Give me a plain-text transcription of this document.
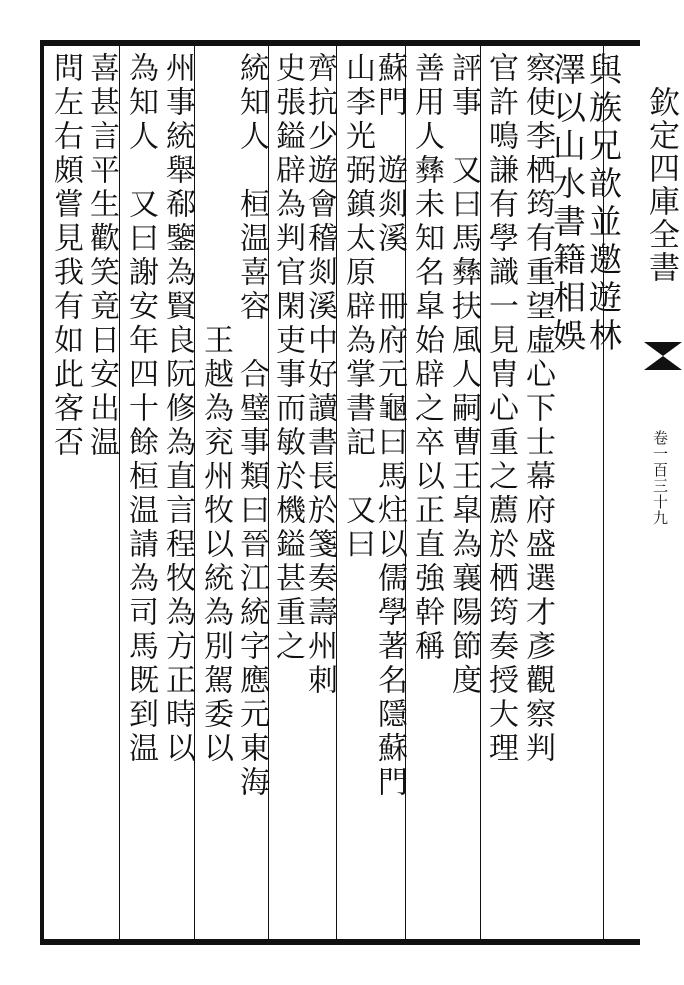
欽定四庫全書
卷一百三十九
與族兄歆並邀遊林
澤以山水書籍相娛
察使李栖筠有重望虛心下士幕府盛選才彥觀察判
官許鳴謙有學識一見胄心重之薦於栖筠奏授大理
評事　又曰馬彝扶風人嗣曹王皐為襄陽節度
善用人彝未知名皐始辟之卒以正直強幹稱
蘇門　遊剡溪　冊府元龜曰馬炷以儒學著名隱蘇門
山李光弼鎮太原辟為掌書記　又曰
齊抗少遊會稽剡溪中好讀書長於箋奏壽州刺
史張鎰辟為判官閑吏事而敏於機鎰甚重之
統知人　桓温喜容　合璧事類曰晉江統字應元東海
　　　　　　　　王越為兖州牧以統為別駕委以
州事統舉郗鑒為賢良阮修為直言程牧為方正時以
為知人　又曰謝安年四十餘桓温請為司馬既到温
喜甚言平生歡笑竟日安出温
問左右頗嘗見我有如此客否
